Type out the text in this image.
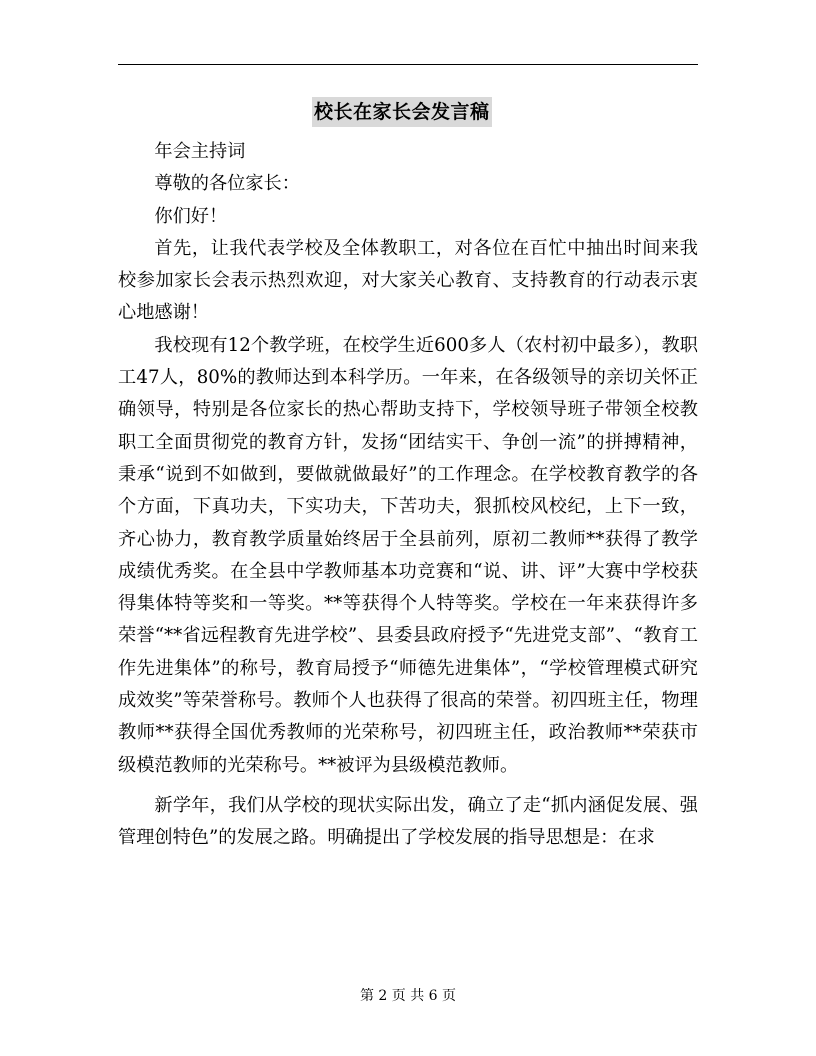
校长在家长会发言稿

年会主持词

尊敬的各位家长：

你们好！

首先，让我代表学校及全体教职工，对各位在百忙中抽出时间来我校参加家长会表示热烈欢迎，对大家关心教育、支持教育的行动表示衷心地感谢！

我校现有12个教学班，在校学生近600多人（农村初中最多），教职工47人，80%的教师达到本科学历。一年来，在各级领导的亲切关怀正确领导，特别是各位家长的热心帮助支持下，学校领导班子带领全校教职工全面贯彻党的教育方针，发扬“团结实干、争创一流”的拼搏精神，秉承“说到不如做到，要做就做最好”的工作理念。在学校教育教学的各个方面，下真功夫，下实功夫，下苦功夫，狠抓校风校纪，上下一致，齐心协力，教育教学质量始终居于全县前列，原初二教师**获得了教学成绩优秀奖。在全县中学教师基本功竞赛和“说、讲、评”大赛中学校获得集体特等奖和一等奖。**等获得个人特等奖。学校在一年来获得许多荣誉“**省远程教育先进学校”、县委县政府授予“先进党支部”、“教育工作先进集体”的称号，教育局授予“师德先进集体”，“学校管理模式研究成效奖”等荣誉称号。教师个人也获得了很高的荣誉。初四班主任，物理教师**获得全国优秀教师的光荣称号，初四班主任，政治教师**荣获市级模范教师的光荣称号。**被评为县级模范教师。

新学年，我们从学校的现状实际出发，确立了走“抓内涵促发展、强管理创特色”的发展之路。明确提出了学校发展的指导思想是：在求

第 2 页 共 6 页
